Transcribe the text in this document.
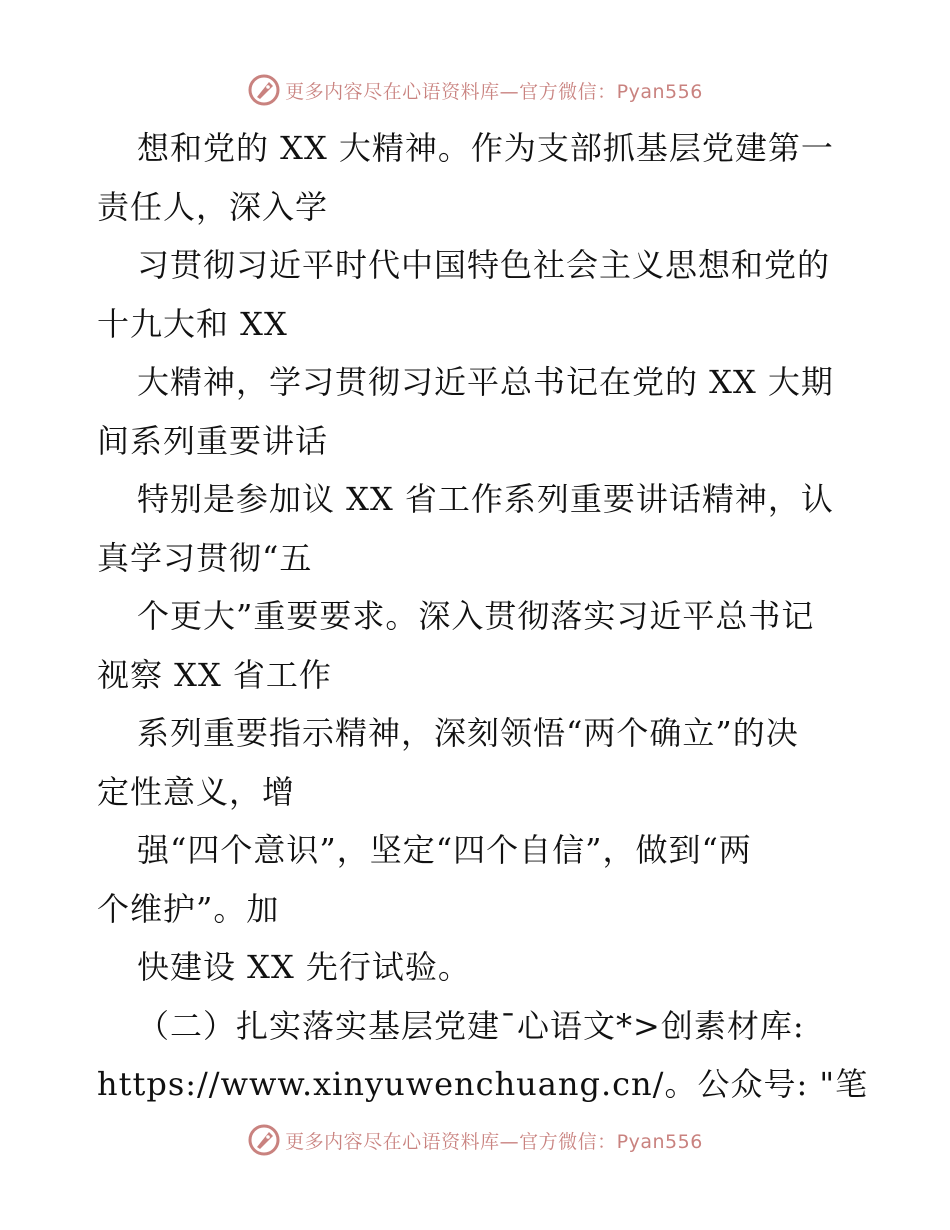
更多内容尽在心语资料库—官方微信：Pyan556
想和党的 XX 大精神。作为支部抓基层党建第一
责任人，深入学
习贯彻习近平时代中国特色社会主义思想和党的
十九大和 XX
大精神，学习贯彻习近平总书记在党的 XX 大期
间系列重要讲话
特别是参加议 XX 省工作系列重要讲话精神，认
真学习贯彻“五
个更大”重要要求。深入贯彻落实习近平总书记
视察 XX 省工作
系列重要指示精神，深刻领悟“两个确立”的决
定性意义，增
强“四个意识”，坚定“四个自信”，做到“两
个维护”。加
快建设 XX 先行试验。
（二）扎实落实基层党建¯心语文*>创素材库:
https://www.xinyuwenchuang.cn/。公众号: "笔
更多内容尽在心语资料库—官方微信：Pyan556
